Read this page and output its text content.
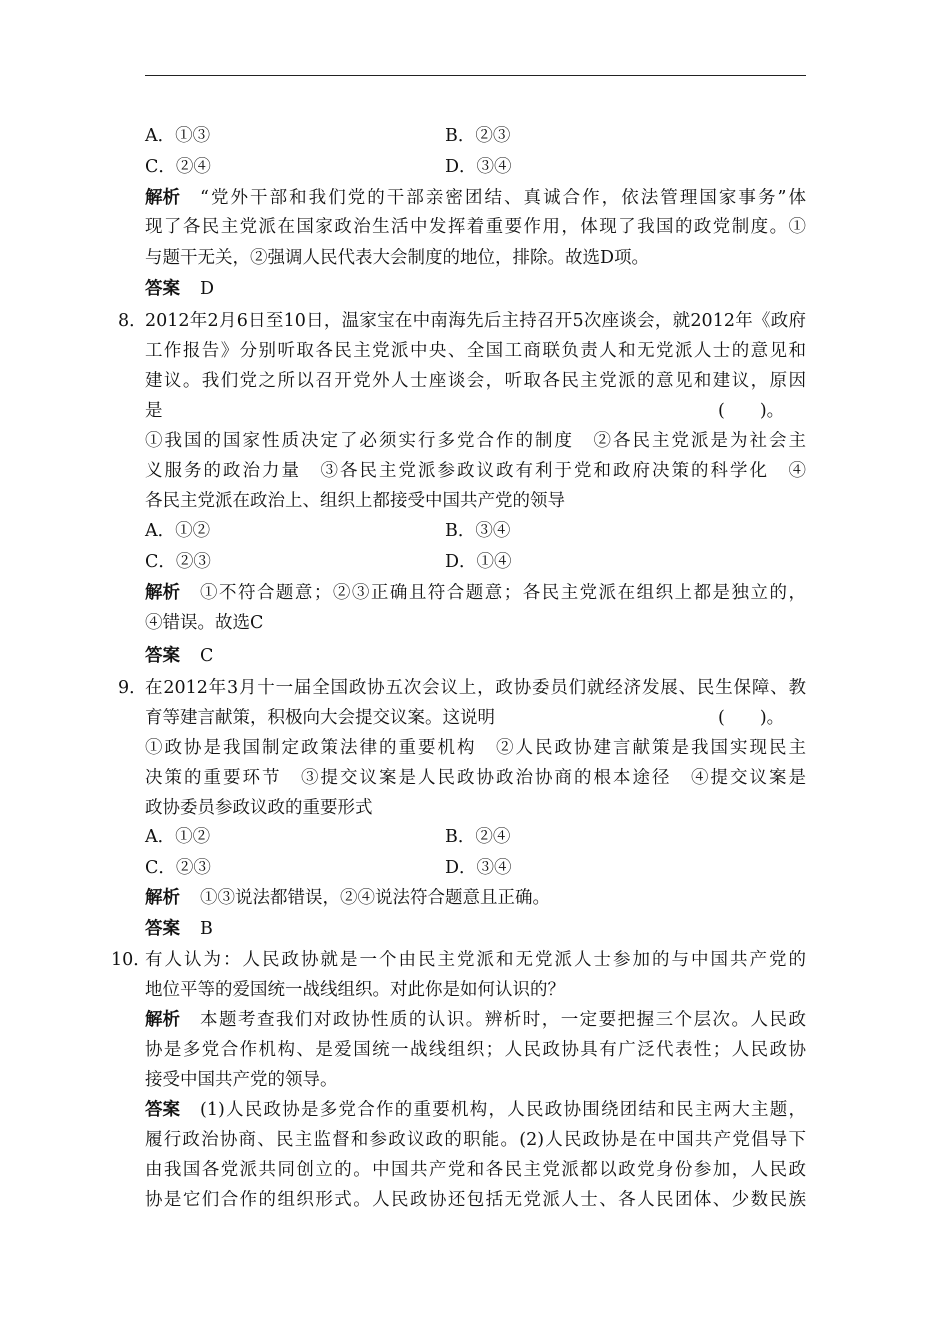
A．①③	B．②③
C．②④	D．③④
解析 “党外干部和我们党的干部亲密团结、真诚合作，依法管理国家事务”体
现了各民主党派在国家政治生活中发挥着重要作用，体现了我国的政党制度。①
与题干无关，②强调人民代表大会制度的地位，排除。故选D项。
答案 D
8．
2012年2月6日至10日，温家宝在中南海先后主持召开5次座谈会，就2012年《政府
工作报告》分别听取各民主党派中央、全国工商联负责人和无党派人士的意见和
建议。我们党之所以召开党外人士座谈会，听取各民主党派的意见和建议，原因
是	(　　)。
①我国的国家性质决定了必须实行多党合作的制度　②各民主党派是为社会主
义服务的政治力量　③各民主党派参政议政有利于党和政府决策的科学化　④
各民主党派在政治上、组织上都接受中国共产党的领导
A．①②	B．③④
C．②③	D．①④
解析 ①不符合题意；②③正确且符合题意；各民主党派在组织上都是独立的，
④错误。故选C
答案 C
9．
在2012年3月十一届全国政协五次会议上，政协委员们就经济发展、民生保障、教
育等建言献策，积极向大会提交议案。这说明	(　　)。
①政协是我国制定政策法律的重要机构　②人民政协建言献策是我国实现民主
决策的重要环节　③提交议案是人民政协政治协商的根本途径　④提交议案是
政协委员参政议政的重要形式
A．①②	B．②④
C．②③	D．③④
解析 ①③说法都错误，②④说法符合题意且正确。
答案 B
10．
有人认为：人民政协就是一个由民主党派和无党派人士参加的与中国共产党的
地位平等的爱国统一战线组织。对此你是如何认识的？
解析 本题考查我们对政协性质的认识。辨析时，一定要把握三个层次。人民政
协是多党合作机构、是爱国统一战线组织；人民政协具有广泛代表性；人民政协
接受中国共产党的领导。
答案 (1)人民政协是多党合作的重要机构，人民政协围绕团结和民主两大主题，
履行政治协商、民主监督和参政议政的职能。(2)人民政协是在中国共产党倡导下
由我国各党派共同创立的。中国共产党和各民主党派都以政党身份参加，人民政
协是它们合作的组织形式。人民政协还包括无党派人士、各人民团体、少数民族
